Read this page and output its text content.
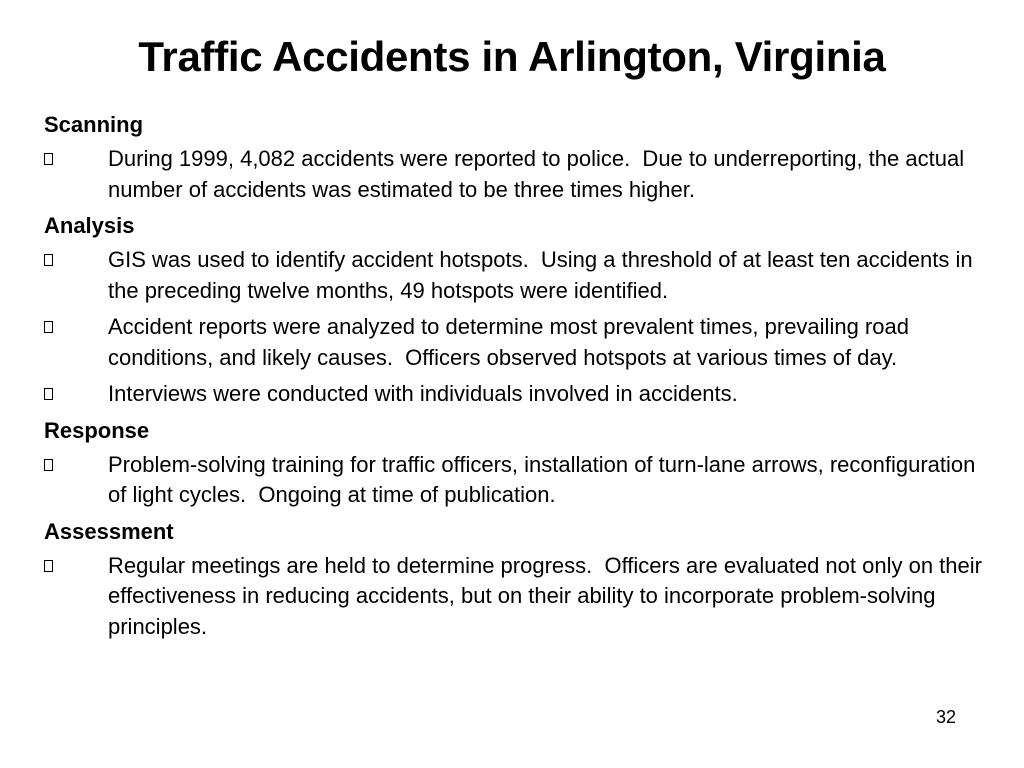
Traffic Accidents in Arlington, Virginia
Scanning
During 1999, 4,082 accidents were reported to police.  Due to underreporting, the actual number of accidents was estimated to be three times higher.
Analysis
GIS was used to identify accident hotspots.  Using a threshold of at least ten accidents in the preceding twelve months, 49 hotspots were identified.
Accident reports were analyzed to determine most prevalent times, prevailing road conditions, and likely causes.  Officers observed hotspots at various times of day.
Interviews were conducted with individuals involved in accidents.
Response
Problem-solving training for traffic officers, installation of turn-lane arrows, reconfiguration of light cycles.  Ongoing at time of publication.
Assessment
Regular meetings are held to determine progress.  Officers are evaluated not only on their effectiveness in reducing accidents, but on their ability to incorporate problem-solving principles.
32
